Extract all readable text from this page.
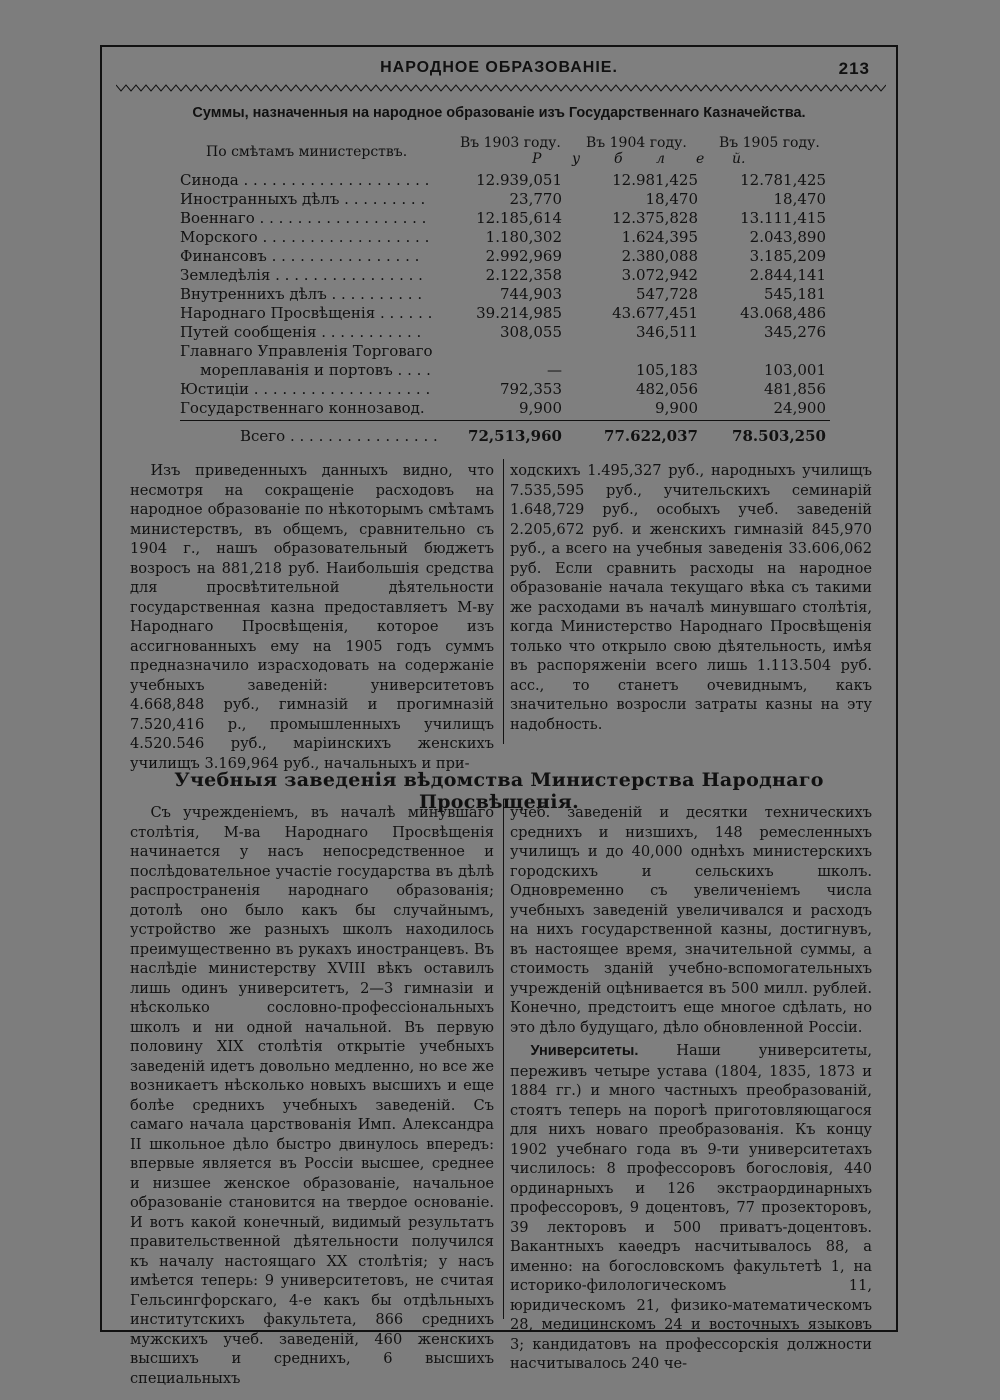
НАРОДНОЕ ОБРАЗОВАНІЕ.	213
Суммы, назначенныя на народное образованіе изъ Государственнаго Казначейства.
По смѣтамъ министерствъ.
Въ 1903 году. Въ 1904 году. Въ 1905 году.
Р у б л е й.
Синода . . . . . . . . . . . . . . . . . . . .	12.939,051	12.981,425	12.781,425
Иностранныхъ дѣлъ . . . . . . . . .	23,770	18,470	18,470
Военнаго . . . . . . . . . . . . . . . . . .	12.185,614	12.375,828	13.111,415
Морского . . . . . . . . . . . . . . . . . .	1.180,302	1.624,395	2.043,890
Финансовъ . . . . . . . . . . . . . . . .	2.992,969	2.380,088	3.185,209
Земледѣлія . . . . . . . . . . . . . . . .	2.122,358	3.072,942	2.844,141
Внутреннихъ дѣлъ . . . . . . . . . .	744,903	547,728	545,181
Народнаго Просвѣщенія . . . . . .	39.214,985	43.677,451	43.068,486
Путей сообщенія . . . . . . . . . . .	308,055	346,511	345,276
Главнаго Управленія Торговаго
мореплаванія и портовъ . . . .	—	105,183	103,001
Юстиціи . . . . . . . . . . . . . . . . . . .	792,353	482,056	481,856
Государственнаго коннозавод.	9,900	9,900	24,900
Всего . . . . . . . . . . . . . . . .	72,513,960	77.622,037	78.503,250

Изъ приведенныхъ данныхъ видно, что несмотря на сокращеніе расходовъ на народное образованіе по нѣкоторымъ смѣтамъ министерствъ, въ общемъ, сравнительно съ 1904 г., нашъ образовательный бюджетъ возросъ на 881,218 руб. Наибольшія средства для просвѣтительной дѣятельности государственная казна предоставляетъ М-ву Народнаго Просвѣщенія, которое изъ ассигнованныхъ ему на 1905 годъ суммъ предназначило израсходовать на содержаніе учебныхъ заведеній: университетовъ 4.668,848 руб., гимназій и прогимназій 7.520,416 р., промышленныхъ училищъ 4.520.546 руб., маріинскихъ женскихъ училищъ 3.169,964 руб., начальныхъ и при-

ходскихъ 1.495,327 руб., народныхъ училищъ 7.535,595 руб., учительскихъ семинарій 1.648,729 руб., особыхъ учеб. заведеній 2.205,672 руб. и женскихъ гимназій 845,970 руб., а всего на учебныя заведенія 33.606,062 руб. Если сравнить расходы на народное образованіе начала текущаго вѣка съ такими же расходами въ началѣ минувшаго столѣтія, когда Министерство Народнаго Просвѣщенія только что открыло свою дѣятельность, имѣя въ распоряженіи всего лишь 1.113.504 руб. асс., то станетъ очевиднымъ, какъ значительно возросли затраты казны на эту надобность.

Учебныя заведенія вѣдомства Министерства Народнаго Просвѣщенія.

Съ учрежденіемъ, въ началѣ минувшаго столѣтія, М-ва Народнаго Просвѣщенія начинается у насъ непосредственное и послѣдовательное участіе государства въ дѣлѣ распространенія народнаго образованія; дотолѣ оно было какъ бы случайнымъ, устройство же разныхъ школъ находилось преимущественно въ рукахъ иностранцевъ. Въ наслѣдіе министерству XVIII вѣкъ оставилъ лишь одинъ университетъ, 2—3 гимназіи и нѣсколько сословно-профессіональныхъ школъ и ни одной начальной. Въ первую половину XIX столѣтія открытіе учебныхъ заведеній идетъ довольно медленно, но все же возникаетъ нѣсколько новыхъ высшихъ и еще болѣе среднихъ учебныхъ заведеній. Съ самаго начала царствованія Имп. Александра II школьное дѣло быстро двинулось впередъ: впервые является въ Россіи высшее, среднее и низшее женское образованіе, начальное образованіе становится на твердое основаніе. И вотъ какой конечный, видимый результатъ правительственной дѣятельности получился къ началу настоящаго XX столѣтія; у насъ имѣется теперь: 9 университетовъ, не считая Гельсингфорскаго, 4-е какъ бы отдѣльныхъ институтскихъ факультета, 866 среднихъ мужскихъ учеб. заведеній, 460 женскихъ высшихъ и среднихъ, 6 высшихъ специальныхъ

учеб. заведеній и десятки техническихъ среднихъ и низшихъ, 148 ремесленныхъ училищъ и до 40,000 однѣхъ министерскихъ городскихъ и сельскихъ школъ. Одновременно съ увеличеніемъ числа учебныхъ заведеній увеличивался и расходъ на нихъ государственной казны, достигнувъ, въ настоящее время, значительной суммы, а стоимость зданій учебно-вспомогательныхъ учрежденій оцѣнивается въ 500 милл. рублей. Конечно, предстоитъ еще многое сдѣлать, но это дѣло будущаго, дѣло обновленной Россіи.

Университеты. Наши университеты, переживъ четыре устава (1804, 1835, 1873 и 1884 гг.) и много частныхъ преобразованій, стоятъ теперь на порогѣ приготовляющагося для нихъ новаго преобразованія. Къ концу 1902 учебнаго года въ 9-ти университетахъ числилось: 8 профессоровъ богословія, 440 ординарныхъ и 126 экстраординарныхъ профессоровъ, 9 доцентовъ, 77 прозекторовъ, 39 лекторовъ и 500 приватъ-доцентовъ. Вакантныхъ каѳедръ насчитывалось 88, а именно: на богословскомъ факультетѣ 1, на историко-филологическомъ 11, юридическомъ 21, физико-математическомъ 28, медицинскомъ 24 и восточныхъ языковъ 3; кандидатовъ на профессорскія должности насчитывалось 240 че-
